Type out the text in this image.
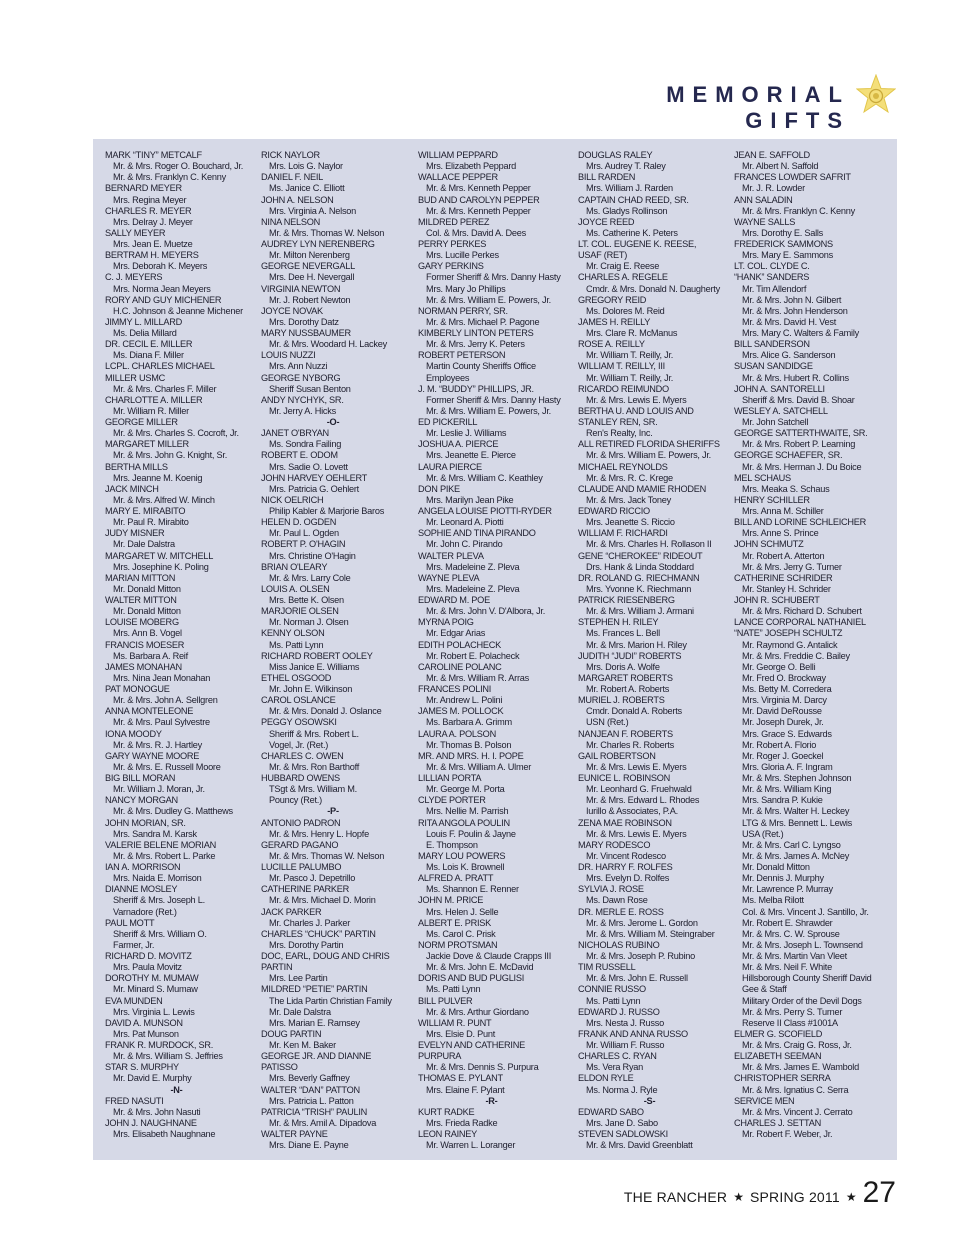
MEMORIAL GIFTS
MARK “TINY” METCALF
Mr. & Mrs. Roger O. Bouchard, Jr.
Mr. & Mrs. Franklyn C. Kenny
BERNARD MEYER
Mrs. Regina Meyer
CHARLES R. MEYER
Mrs. Delray J. Meyer
SALLY MEYER
Mrs. Jean E. Muetze
BERTRAM H. MEYERS
Mrs. Deborah K. Meyers
C. J. MEYERS
Mrs. Norma Jean Meyers
RORY AND GUY MICHENER
H.C. Johnson & Jeanne Michener
JIMMY L. MILLARD
Ms. Delia Millard
DR. CECIL E. MILLER
Ms. Diana F. Miller
LCPL. CHARLES MICHAEL
MILLER USMC
Mr. & Mrs. Charles F. Miller
CHARLOTTE A. MILLER
Mr. William R. Miller
GEORGE MILLER
Mr. & Mrs. Charles S. Cocroft, Jr.
MARGARET MILLER
Mr. & Mrs. John G. Knight, Sr.
BERTHA MILLS
Mrs. Jeanne M. Koenig
JACK MINCH
Mr. & Mrs. Alfred W. Minch
MARY E. MIRABITO
Mr. Paul R. Mirabito
JUDY MISNER
Mr. Dale Dalstra
MARGARET W. MITCHELL
Mrs. Josephine K. Poling
MARIAN MITTON
Mr. Donald Mitton
WALTER MITTON
Mr. Donald Mitton
LOUISE MOBERG
Mrs. Ann B. Vogel
FRANCIS MOESER
Ms. Barbara A. Reif
JAMES MONAHAN
Mrs. Nina Jean Monahan
PAT MONOGUE
Mr. & Mrs. John A. Sellgren
ANNA MONTELEONE
Mr. & Mrs. Paul Sylvestre
IONA MOODY
Mr. & Mrs. R. J. Hartley
GARY WAYNE MOORE
Mr. & Mrs. E. Russell Moore
BIG BILL MORAN
Mr. William J. Moran, Jr.
NANCY MORGAN
Mr. & Mrs. Dudley G. Matthews
JOHN MORIAN, SR.
Mrs. Sandra M. Karsk
VALERIE BELENE MORIAN
Mr. & Mrs. Robert L. Parke
IAN A. MORRISON
Mrs. Naida E. Morrison
DIANNE MOSLEY
Sheriff & Mrs. Joseph L.
Varnadore (Ret.)
PAUL MOTT
Sheriff & Mrs. William O.
Farmer, Jr.
RICHARD D. MOVITZ
Mrs. Paula Movitz
DOROTHY M. MUMAW
Mr. Minard S. Mumaw
EVA MUNDEN
Mrs. Virginia L. Lewis
DAVID A. MUNSON
Mrs. Pat Munson
FRANK R. MURDOCK, SR.
Mr. & Mrs. William S. Jeffries
STAR S. MURPHY
Mr. David E. Murphy
-N-
FRED NASUTI
Mr. & Mrs. John Nasuti
JOHN J. NAUGHNANE
Mrs. Elisabeth Naughnane
RICK NAYLOR
Mrs. Lois G. Naylor
DANIEL F. NEIL
Ms. Janice C. Elliott
JOHN A. NELSON
Mrs. Virginia A. Nelson
NINA NELSON
Mr. & Mrs. Thomas W. Nelson
AUDREY LYN NERENBERG
Mr. Milton Nerenberg
GEORGE NEVERGALL
Mrs. Dee H. Nevergall
VIRGINIA NEWTON
Mr. J. Robert Newton
JOYCE NOVAK
Mrs. Dorothy Datz
MARY NUSSBAUMER
Mr. & Mrs. Woodard H. Lackey
LOUIS NUZZI
Mrs. Ann Nuzzi
GEORGE NYBORG
Sheriff Susan Benton
ANDY NYCHYK, SR.
Mr. Jerry A. Hicks
-O-
JANET O'BRYAN
Ms. Sondra Failing
ROBERT E. ODOM
Mrs. Sadie O. Lovett
JOHN HARVEY OEHLERT
Mrs. Patricia G. Oehlert
NICK OELRICH
Philip Kabler & Marjorie Baros
HELEN D. OGDEN
Mr. Paul L. Ogden
ROBERT P. O'HAGIN
Mrs. Christine O'Hagin
BRIAN O'LEARY
Mr. & Mrs. Larry Cole
LOUIS A. OLSEN
Mrs. Bette K. Olsen
MARJORIE OLSEN
Mr. Norman J. Olsen
KENNY OLSON
Ms. Patti Lynn
RICHARD ROBERT OOLEY
Miss Janice E. Williams
ETHEL OSGOOD
Mr. John E. Wilkinson
CAROL OSLANCE
Mr. & Mrs. Donald J. Oslance
PEGGY OSOWSKI
Sheriff & Mrs. Robert L.
Vogel, Jr. (Ret.)
CHARLES C. OWEN
Mr. & Mrs. Ron Barthoff
HUBBARD OWENS
TSgt & Mrs. William M.
Pouncy (Ret.)
-P-
ANTONIO PADRON
Mr. & Mrs. Henry L. Hopfe
GERARD PAGANO
Mr. & Mrs. Thomas W. Nelson
LUCILLE PALUMBO
Mr. Pasco J. Depetrillo
CATHERINE PARKER
Mr. & Mrs. Michael D. Morin
JACK PARKER
Mr. Charles J. Parker
CHARLES “CHUCK” PARTIN
Mrs. Dorothy Partin
DOC, EARL, DOUG AND CHRIS
PARTIN
Mrs. Lee Partin
MILDRED “PETIE” PARTIN
The Lida Partin Christian Family
Mr. Dale Dalstra
Mrs. Marian E. Ramsey
DOUG PARTIN
Mr. Ken M. Baker
GEORGE JR. AND DIANNE
PATISSO
Mrs. Beverly Gaffney
WALTER “DAN” PATTON
Mrs. Patricia L. Patton
PATRICIA “TRISH” PAULIN
Mr. & Mrs. Amil A. Dipadova
WALTER PAYNE
Mrs. Diane E. Payne
WILLIAM PEPPARD
Mrs. Elizabeth Peppard
WALLACE PEPPER
Mr. & Mrs. Kenneth Pepper
BUD AND CAROLYN PEPPER
Mr. & Mrs. Kenneth Pepper
MILDRED PEREZ
Col. & Mrs. David A. Dees
PERRY PERKES
Mrs. Lucille Perkes
GARY PERKINS
Former Sheriff & Mrs. Danny Hasty
Mrs. Mary Jo Phillips
Mr. & Mrs. William E. Powers, Jr.
NORMAN PERRY, SR.
Mr. & Mrs. Michael P. Pagone
KIMBERLY LINTON PETERS
Mr. & Mrs. Jerry K. Peters
ROBERT PETERSON
Martin County Sheriffs Office
Employees
J. M. “BUDDY” PHILLIPS, JR.
Former Sheriff & Mrs. Danny Hasty
Mr. & Mrs. William E. Powers, Jr.
ED PICKERILL
Mr. Leslie J. Williams
JOSHUA A. PIERCE
Mrs. Jeanette E. Pierce
LAURA PIERCE
Mr. & Mrs. William C. Keathley
DON PIKE
Mrs. Marilyn Jean Pike
ANGELA LOUISE PIOTTI-RYDER
Mr. Leonard A. Piotti
SOPHIE AND TINA PIRANDO
Mr. John C. Pirando
WALTER PLEVA
Mrs. Madeleine Z. Pleva
WAYNE PLEVA
Mrs. Madeleine Z. Pleva
EDWARD M. POE
Mr. & Mrs. John V. D'Albora, Jr.
MYRNA POIG
Mr. Edgar Arias
EDITH POLACHECK
Mr. Robert E. Polacheck
CAROLINE POLANC
Mr. & Mrs. William R. Arras
FRANCES POLINI
Mr. Andrew L. Polini
JAMES M. POLLOCK
Ms. Barbara A. Grimm
LAURA A. POLSON
Mr. Thomas B. Polson
MR. AND MRS. H. I. POPE
Mr. & Mrs. William A. Ulmer
LILLIAN PORTA
Mr. George M. Porta
CLYDE PORTER
Mrs. Nellie M. Parrish
RITA ANGOLA POULIN
Louis F. Poulin & Jayne
E. Thompson
MARY LOU POWERS
Ms. Lois K. Brownell
ALFRED A. PRATT
Ms. Shannon E. Renner
JOHN M. PRICE
Mrs. Helen J. Selle
ALBERT E. PRISK
Ms. Carol C. Prisk
NORM PROTSMAN
Jackie Dove & Claude Crapps III
Mr. & Mrs. John E. McDavid
DORIS AND BUD PUGLISI
Ms. Patti Lynn
BILL PULVER
Mr. & Mrs. Arthur Giordano
WILLIAM R. PUNT
Mrs. Elsie D. Punt
EVELYN AND CATHERINE
PURPURA
Mr. & Mrs. Dennis S. Purpura
THOMAS E. PYLANT
Mrs. Elaine F. Pylant
-R-
KURT RADKE
Mrs. Frieda Radke
LEON RAINEY
Mr. Warren L. Loranger
DOUGLAS RALEY
Mrs. Audrey T. Raley
BILL RARDEN
Mrs. William J. Rarden
CAPTAIN CHAD REED, SR.
Ms. Gladys Rollinson
JOYCE REED
Ms. Catherine K. Peters
LT. COL. EUGENE K. REESE,
USAF (RET)
Mr. Craig E. Reese
CHARLES A. REGELE
Cmdr. & Mrs. Donald N. Daugherty
GREGORY REID
Ms. Dolores M. Reid
JAMES H. REILLY
Mrs. Clare R. McManus
ROSE A. REILLY
Mr. William T. Reilly, Jr.
WILLIAM T. REILLY, III
Mr. William T. Reilly, Jr.
RICARDO REIMUNDO
Mr. & Mrs. Lewis E. Myers
BERTHA U. AND LOUIS AND
STANLEY REN, SR.
Ren's Realty, Inc.
ALL RETIRED FLORIDA SHERIFFS
Mr. & Mrs. William E. Powers, Jr.
MICHAEL REYNOLDS
Mr. & Mrs. R. C. Krege
CLAUDE AND MAMIE RHODEN
Mr. & Mrs. Jack Toney
EDWARD RICCIO
Mrs. Jeanette S. Riccio
WILLIAM F. RICHARDI
Mr. & Mrs. Charles H. Rollason II
GENE “CHEROKEE” RIDEOUT
Drs. Hank & Linda Stoddard
DR. ROLAND G. RIECHMANN
Mrs. Yvonne K. Riechmann
PATRICK RIESENBERG
Mr. & Mrs. William J. Armani
STEPHEN H. RILEY
Ms. Frances L. Bell
Mr. & Mrs. Marion H. Riley
JUDITH “JUDI” ROBERTS
Mrs. Doris A. Wolfe
MARGARET ROBERTS
Mr. Robert A. Roberts
MURIEL J. ROBERTS
Cmdr. Donald A. Roberts
USN (Ret.)
NANJEAN F. ROBERTS
Mr. Charles R. Roberts
GAIL ROBERTSON
Mr. & Mrs. Lewis E. Myers
EUNICE L. ROBINSON
Mr. Leonhard G. Fruehwald
Mr. & Mrs. Edward L. Rhodes
Iurillo & Associates, P.A.
ZENA MAE ROBINSON
Mr. & Mrs. Lewis E. Myers
MARY RODESCO
Mr. Vincent Rodesco
DR. HARRY F. ROLFES
Mrs. Evelyn D. Rolfes
SYLVIA J. ROSE
Ms. Dawn Rose
DR. MERLE E. ROSS
Mr. & Mrs. Jerome L. Gordon
Mr. & Mrs. William M. Steingraber
NICHOLAS RUBINO
Mr. & Mrs. Joseph P. Rubino
TIM RUSSELL
Mr. & Mrs. John E. Russell
CONNIE RUSSO
Ms. Patti Lynn
EDWARD J. RUSSO
Mrs. Nesta J. Russo
FRANK AND ANNA RUSSO
Mr. William F. Russo
CHARLES C. RYAN
Ms. Vera Ryan
ELDON RYLE
Ms. Norma J. Ryle
-S-
EDWARD SABO
Mrs. Jane D. Sabo
STEVEN SADLOWSKI
Mr. & Mrs. David Greenblatt
JEAN E. SAFFOLD
Mr. Albert N. Saffold
FRANCES LOWDER SAFRIT
Mr. J. R. Lowder
ANN SALADIN
Mr. & Mrs. Franklyn C. Kenny
WAYNE SALLS
Mrs. Dorothy E. Salls
FREDERICK SAMMONS
Mrs. Mary E. Sammons
LT. COL. CLYDE C.
“HANK” SANDERS
Mr. Tim Allendorf
Mr. & Mrs. John N. Gilbert
Mr. & Mrs. John Henderson
Mr. & Mrs. David H. Vest
Mrs. Mary C. Walters & Family
BILL SANDERSON
Mrs. Alice G. Sanderson
SUSAN SANDIDGE
Mr. & Mrs. Hubert R. Collins
JOHN A. SANTORELLI
Sheriff & Mrs. David B. Shoar
WESLEY A. SATCHELL
Mr. John Satchell
GEORGE SATTERTHWAITE, SR.
Mr. & Mrs. Robert P. Learning
GEORGE SCHAEFER, SR.
Mr. & Mrs. Herman J. Du Boice
MEL SCHAUS
Mrs. Meaka S. Schaus
HENRY SCHILLER
Mrs. Anna M. Schiller
BILL AND LORINE SCHLEICHER
Mrs. Anne S. Prince
JOHN SCHMUTZ
Mr. Robert A. Atterton
Mr. & Mrs. Jerry G. Turner
CATHERINE SCHRIDER
Mr. Stanley H. Schrider
JOHN R. SCHUBERT
Mr. & Mrs. Richard D. Schubert
LANCE CORPORAL NATHANIEL
“NATE” JOSEPH SCHULTZ
Mr. Raymond G. Antalick
Mr. & Mrs. Freddie C. Bailey
Mr. George O. Belli
Mr. Fred O. Brockway
Ms. Betty M. Corredera
Mrs. Virginia M. Darcy
Mr. David DeRousse
Mr. Joseph Durek, Jr.
Mrs. Grace S. Edwards
Mr. Robert A. Florio
Mr. Roger J. Goeckel
Mrs. Gloria A. F. Ingram
Mr. & Mrs. Stephen Johnson
Mr. & Mrs. William King
Mrs. Sandra P. Kukie
Mr. & Mrs. Walter H. Leckey
LTG & Mrs. Bennett L. Lewis
USA (Ret.)
Mr. & Mrs. Carl C. Lyngso
Mr. & Mrs. James A. McNey
Mr. Donald Mitton
Mr. Dennis J. Murphy
Mr. Lawrence P. Murray
Ms. Melba Rilott
Col. & Mrs. Vincent J. Santillo, Jr.
Mr. Robert E. Shrawder
Mr. & Mrs. C. W. Sprouse
Mr. & Mrs. Joseph L. Townsend
Mr. & Mrs. Martin Van Vleet
Mr. & Mrs. Neil F. White
Hillsborough County Sheriff David
Gee & Staff
Military Order of the Devil Dogs
Mr. & Mrs. Perry S. Turner
Reserve II Class #1001A
ELMER G. SCOFIELD
Mr. & Mrs. Craig G. Ross, Jr.
ELIZABETH SEEMAN
Mr. & Mrs. James E. Wambold
CHRISTOPHER SERRA
Mr. & Mrs. Ignatius C. Serra
SERVICE MEN
Mr. & Mrs. Vincent J. Cerrato
CHARLES J. SETTAN
Mr. Robert F. Weber, Jr.
THE RANCHER ★ SPRING 2011 ★ 27
